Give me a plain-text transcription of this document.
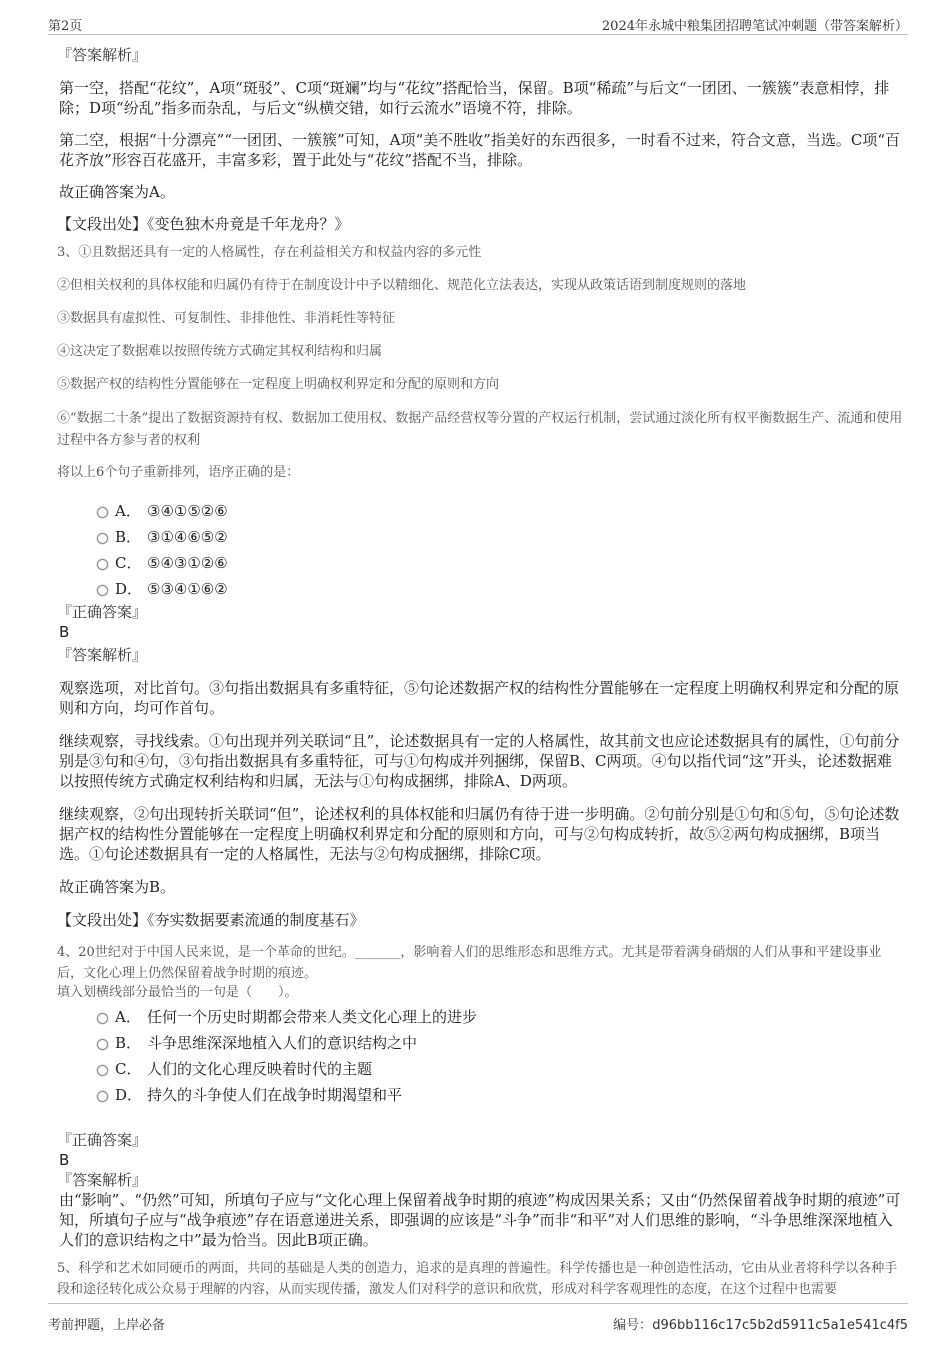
第2页	2024年永城中粮集团招聘笔试冲刺题（带答案解析）

『答案解析』

第一空，搭配“花纹”，A项“斑驳”、C项“斑斓”均与“花纹”搭配恰当，保留。B项“稀疏”与后文“一团团、一簇簇”表意相悖，排除；D项“纷乱”指多而杂乱，与后文“纵横交错，如行云流水”语境不符，排除。

第二空，根据“十分漂亮”“一团团、一簇簇”可知，A项“美不胜收”指美好的东西很多，一时看不过来，符合文意，当选。C项“百花齐放”形容百花盛开，丰富多彩，置于此处与“花纹”搭配不当，排除。

故正确答案为A。

【文段出处】《变色独木舟竟是千年龙舟？》

3、①且数据还具有一定的人格属性，存在利益相关方和权益内容的多元性

②但相关权利的具体权能和归属仍有待于在制度设计中予以精细化、规范化立法表达，实现从政策话语到制度规则的落地

③数据具有虚拟性、可复制性、非排他性、非消耗性等特征

④这决定了数据难以按照传统方式确定其权利结构和归属

⑤数据产权的结构性分置能够在一定程度上明确权利界定和分配的原则和方向

⑥“数据二十条”提出了数据资源持有权、数据加工使用权、数据产品经营权等分置的产权运行机制，尝试通过淡化所有权平衡数据生产、流通和使用过程中各方参与者的权利

将以上6个句子重新排列，语序正确的是：

A． ③④①⑤②⑥
B． ③①④⑥⑤②
C． ⑤④③①②⑥
D． ⑤③④①⑥②

『正确答案』

B

『答案解析』

观察选项，对比首句。③句指出数据具有多重特征，⑤句论述数据产权的结构性分置能够在一定程度上明确权利界定和分配的原则和方向，均可作首句。

继续观察，寻找线索。①句出现并列关联词“且”，论述数据具有一定的人格属性，故其前文也应论述数据具有的属性，①句前分别是③句和④句，③句指出数据具有多重特征，可与①句构成并列捆绑，保留B、C两项。④句以指代词“这”开头，论述数据难以按照传统方式确定权利结构和归属，无法与①句构成捆绑，排除A、D两项。

继续观察，②句出现转折关联词“但”，论述权利的具体权能和归属仍有待于进一步明确。②句前分别是①句和⑤句，⑤句论述数据产权的结构性分置能够在一定程度上明确权利界定和分配的原则和方向，可与②句构成转折，故⑤②两句构成捆绑，B项当选。①句论述数据具有一定的人格属性，无法与②句构成捆绑，排除C项。

故正确答案为B。

【文段出处】《夯实数据要素流通的制度基石》

4、20世纪对于中国人民来说，是一个革命的世纪。_______，影响着人们的思维形态和思维方式。尤其是带着满身硝烟的人们从事和平建设事业后，文化心理上仍然保留着战争时期的痕迹。

填入划横线部分最恰当的一句是（　　）。

A． 任何一个历史时期都会带来人类文化心理上的进步
B． 斗争思维深深地植入人们的意识结构之中
C． 人们的文化心理反映着时代的主题
D． 持久的斗争使人们在战争时期渴望和平

『正确答案』

B

『答案解析』

由“影响”、“仍然”可知，所填句子应与“文化心理上保留着战争时期的痕迹”构成因果关系；又由“仍然保留着战争时期的痕迹”可知，所填句子应与“战争痕迹”存在语意递进关系，即强调的应该是“斗争”而非“和平”对人们思维的影响，“斗争思维深深地植入人们的意识结构之中”最为恰当。因此B项正确。

5、科学和艺术如同硬币的两面，共同的基础是人类的创造力，追求的是真理的普遍性。科学传播也是一种创造性活动，它由从业者将科学以各种手段和途径转化成公众易于理解的内容，从而实现传播，激发人们对科学的意识和欣赏，形成对科学客观理性的态度，在这个过程中也需要

考前押题，上岸必备	编号：d96bb116c17c5b2d5911c5a1e541c4f5
